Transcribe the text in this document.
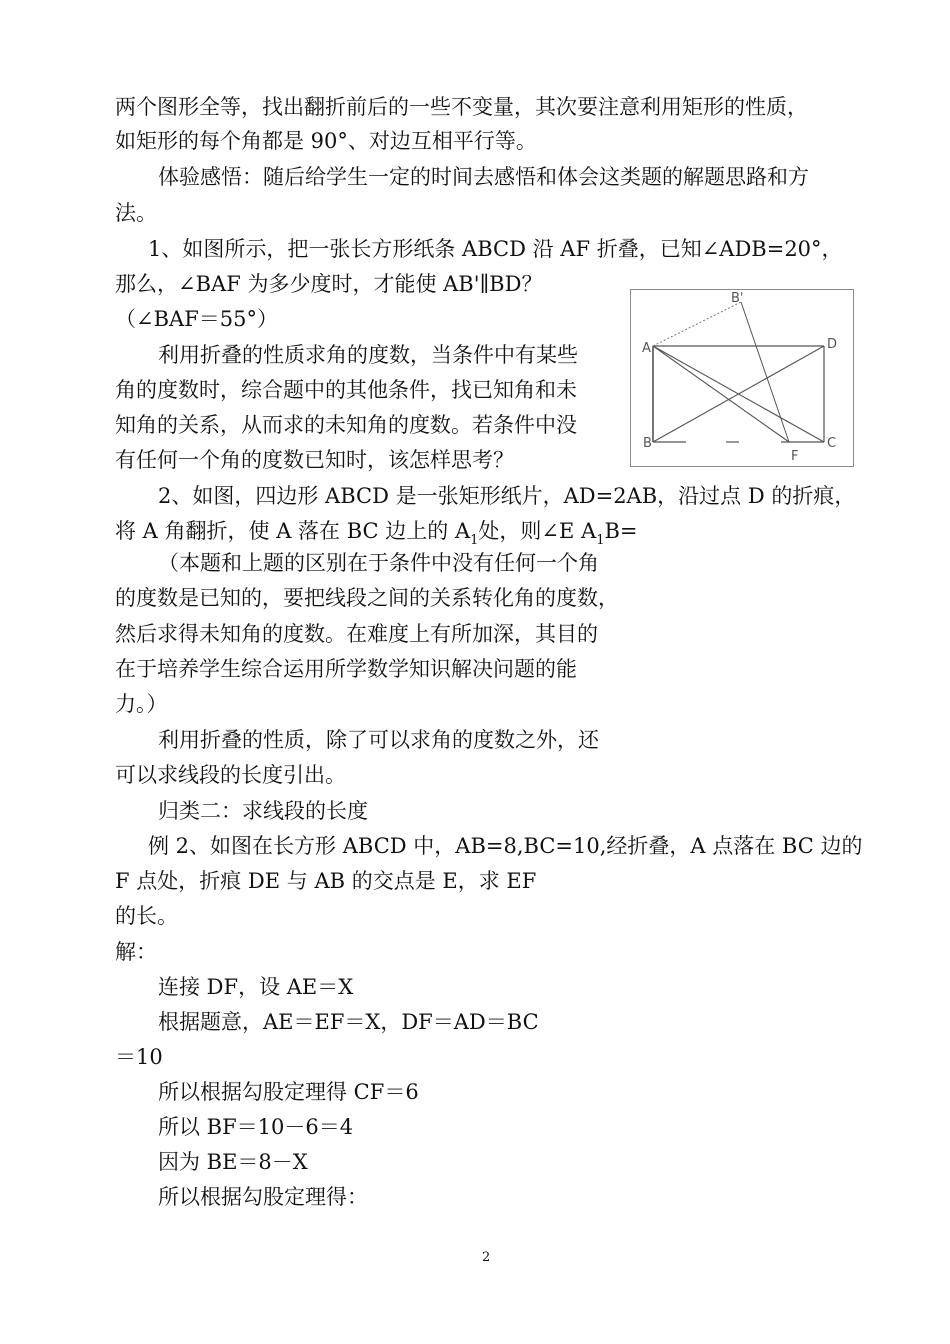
两个图形全等，找出翻折前后的一些不变量，其次要注意利用矩形的性质，
如矩形的每个角都是 90°、对边互相平行等。
体验感悟：随后给学生一定的时间去感悟和体会这类题的解题思路和方
法。
1、如图所示，把一张长方形纸条 ABCD 沿 AF 折叠，已知∠ADB=20°，
那么，∠BAF 为多少度时，才能使 AB'∥BD？
（∠BAF＝55°）
利用折叠的性质求角的度数，当条件中有某些
角的度数时，综合题中的其他条件，找已知角和未
知角的关系，从而求的未知角的度数。若条件中没
有任何一个角的度数已知时，该怎样思考？
2、如图，四边形 ABCD 是一张矩形纸片，AD=2AB，沿过点 D 的折痕，
将 A 角翻折，使 A 落在 BC 边上的 $A_1$处，则∠E $A_1B=$
（本题和上题的区别在于条件中没有任何一个角
的度数是已知的，要把线段之间的关系转化角的度数，
然后求得未知角的度数。在难度上有所加深，其目的
在于培养学生综合运用所学数学知识解决问题的能
力。）
利用折叠的性质，除了可以求角的度数之外，还
可以求线段的长度引出。
归类二：求线段的长度
例 2、如图在长方形 ABCD 中，AB=8,BC=10,经折叠，A 点落在 BC 边的
F 点处，折痕 DE 与 AB 的交点是 E，求 EF
的长。
解：
连接 DF，设 AE＝X
根据题意，AE＝EF＝X，DF＝AD＝BC
＝10
所以根据勾股定理得 CF＝6
所以 BF＝10－6＝4
因为 BE＝8－X
所以根据勾股定理得：
B'
A	D
B
F
C
2
